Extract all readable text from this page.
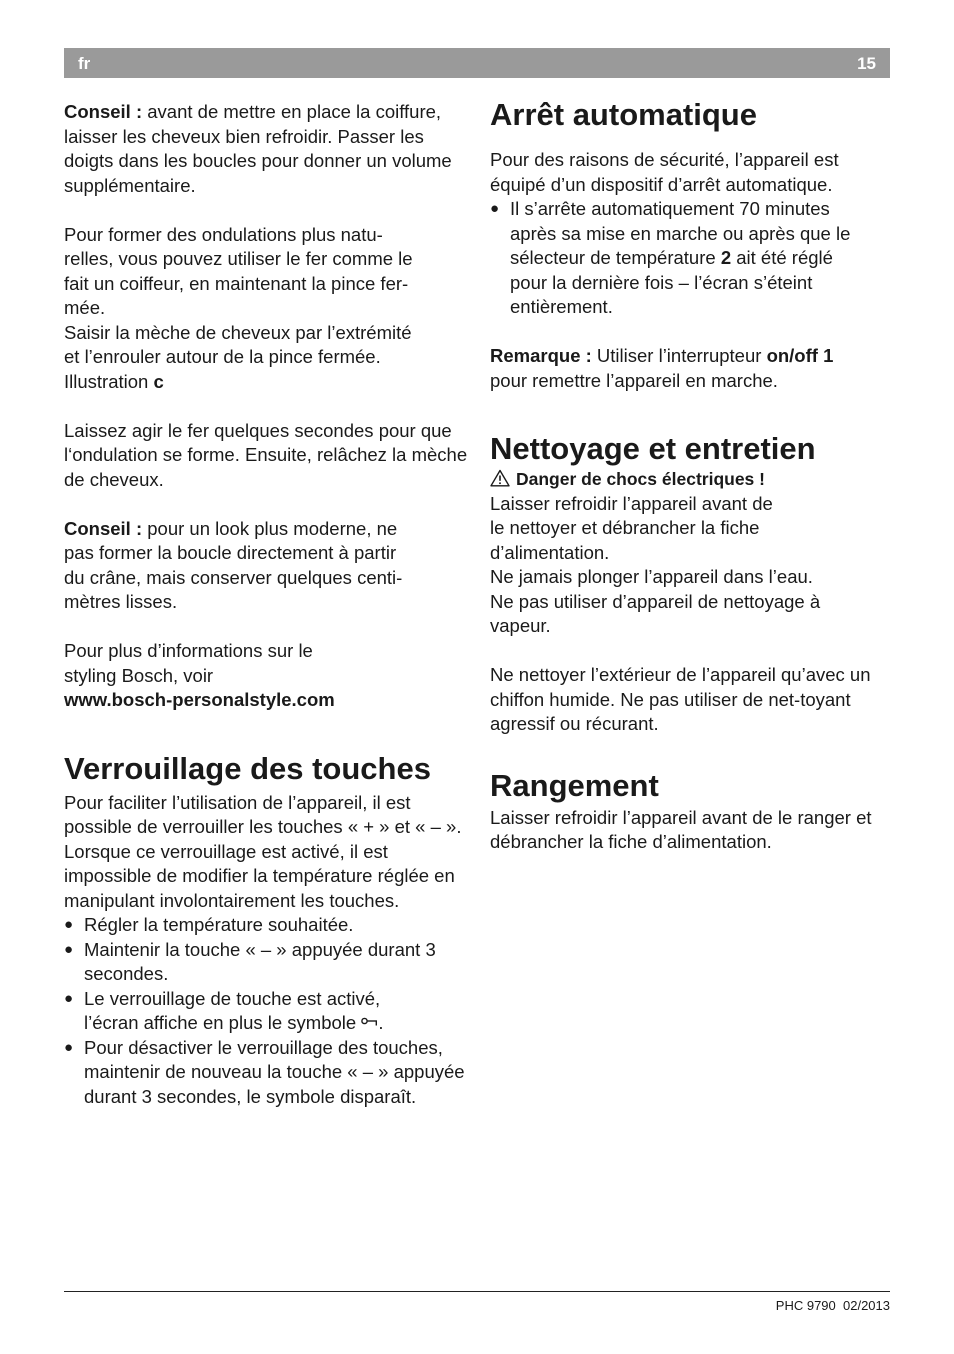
fr	15

Conseil : avant de mettre en place la coiffure, laisser les cheveux bien refroidir. Passer les doigts dans les boucles pour donner un volume supplémentaire.

Pour former des ondulations plus natu-
relles, vous pouvez utiliser le fer comme le
fait un coiffeur, en maintenant la pince fer-
mée.
Saisir la mèche de cheveux par l’extrémité
et l’enrouler autour de la pince fermée.
Illustration c

Laissez agir le fer quelques secondes pour que l‘ondulation se forme. Ensuite, relâchez la mèche de cheveux.

Conseil : pour un look plus moderne, ne
pas former la boucle directement à partir
du crâne, mais conserver quelques centi-
mètres lisses.

Pour plus d’informations sur le
styling Bosch, voir
www.bosch-personalstyle.com

Verrouillage des touches

Pour faciliter l’utilisation de l’appareil, il est possible de verrouiller les touches « + » et « – ». Lorsque ce verrouillage est activé, il est impossible de modifier la température réglée en manipulant involontairement les touches.

● Régler la température souhaitée.
● Maintenir la touche « – » appuyée durant 3 secondes.
● Le verrouillage de touche est activé,
l’écran affiche en plus le symbole .
● Pour désactiver le verrouillage des touches, maintenir de nouveau la touche « – » appuyée durant 3 secondes, le symbole disparaît.
Arrêt automatique

Pour des raisons de sécurité, l’appareil est équipé d’un dispositif d’arrêt automatique.

● Il s’arrête automatiquement 70 minutes
après sa mise en marche ou après que le
sélecteur de température 2 ait été réglé
pour la dernière fois – l’écran s’éteint
entièrement.

Remarque : Utiliser l’interrupteur on/off 1
pour remettre l’appareil en marche.

Nettoyage et entretien

Danger de chocs électriques !

Laisser refroidir l’appareil avant de
le nettoyer et débrancher la fiche
d’alimentation.
Ne jamais plonger l’appareil dans l’eau.
Ne pas utiliser d’appareil de nettoyage à
vapeur.

Ne nettoyer l’extérieur de l’appareil qu’avec un chiffon humide. Ne pas utiliser de net-toyant agressif ou récurant.

Rangement

Laisser refroidir l’appareil avant de le ranger et débrancher la fiche d’alimentation.

PHC 9790 02/2013
